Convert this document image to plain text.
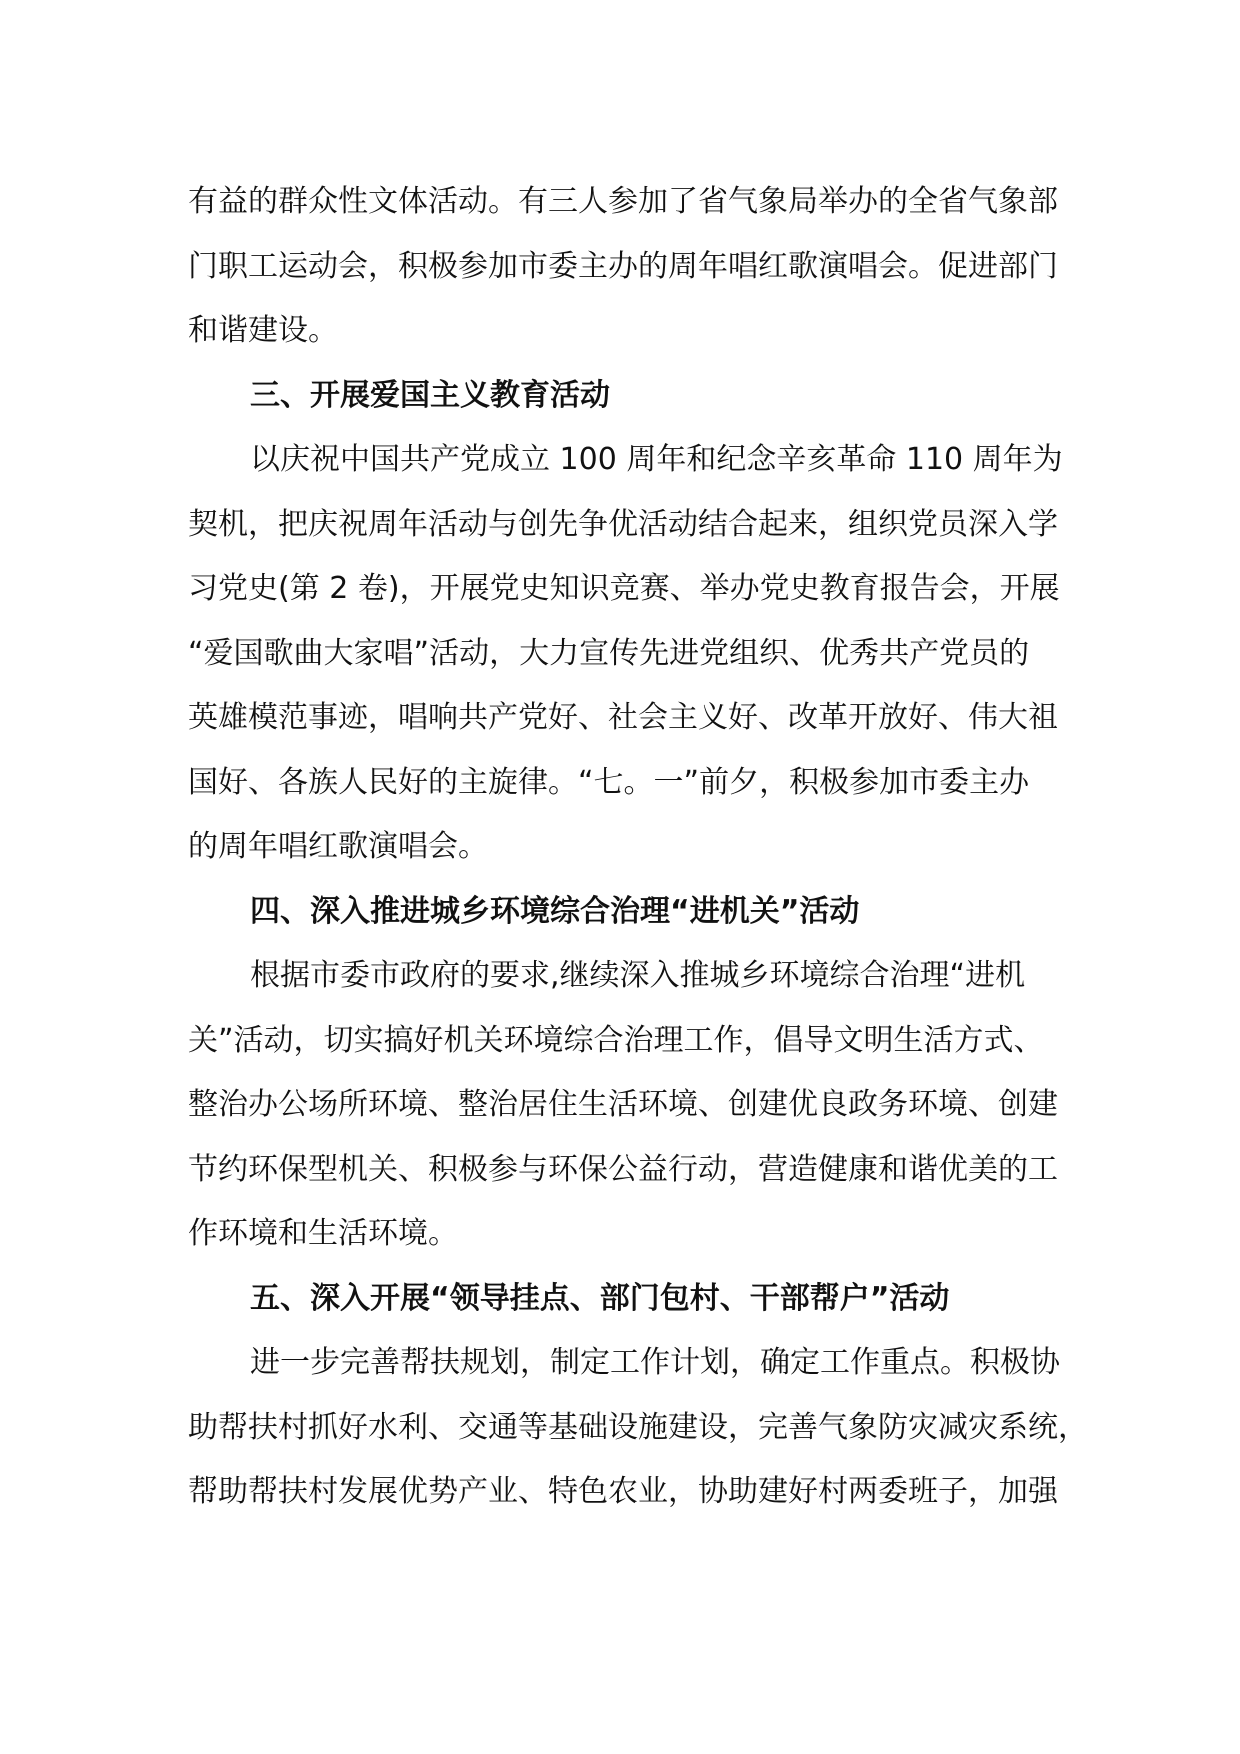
有益的群众性文体活动。有三人参加了省气象局举办的全省气象部
门职工运动会，积极参加市委主办的周年唱红歌演唱会。促进部门
和谐建设。
三、开展爱国主义教育活动
以庆祝中国共产党成立 100 周年和纪念辛亥革命 110 周年为
契机，把庆祝周年活动与创先争优活动结合起来，组织党员深入学
习党史(第 2 卷)，开展党史知识竞赛、举办党史教育报告会，开展
“爱国歌曲大家唱”活动，大力宣传先进党组织、优秀共产党员的
英雄模范事迹，唱响共产党好、社会主义好、改革开放好、伟大祖
国好、各族人民好的主旋律。“七。一”前夕，积极参加市委主办
的周年唱红歌演唱会。
四、深入推进城乡环境综合治理“进机关”活动
根据市委市政府的要求,继续深入推城乡环境综合治理“进机
关”活动，切实搞好机关环境综合治理工作，倡导文明生活方式、
整治办公场所环境、整治居住生活环境、创建优良政务环境、创建
节约环保型机关、积极参与环保公益行动，营造健康和谐优美的工
作环境和生活环境。
五、深入开展“领导挂点、部门包村、干部帮户”活动
进一步完善帮扶规划，制定工作计划，确定工作重点。积极协
助帮扶村抓好水利、交通等基础设施建设，完善气象防灾减灾系统，
帮助帮扶村发展优势产业、特色农业，协助建好村两委班子，加强
